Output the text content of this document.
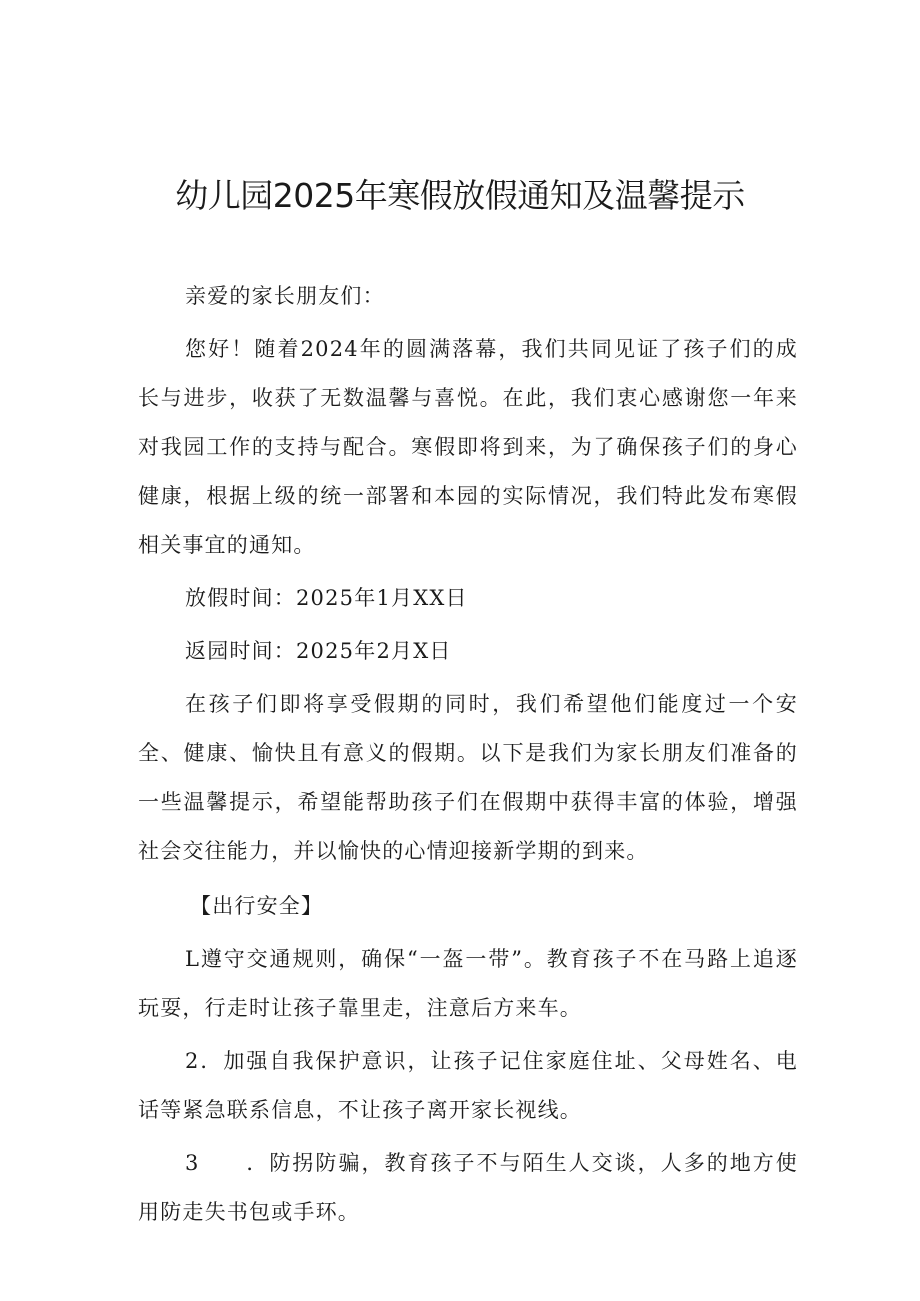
幼儿园2025年寒假放假通知及温馨提示

亲爱的家长朋友们：

您好！随着2024年的圆满落幕，我们共同见证了孩子们的成长与进步，收获了无数温馨与喜悦。在此，我们衷心感谢您一年来对我园工作的支持与配合。寒假即将到来，为了确保孩子们的身心健康，根据上级的统一部署和本园的实际情况，我们特此发布寒假相关事宜的通知。

放假时间：2025年1月XX日

返园时间：2025年2月X日

在孩子们即将享受假期的同时，我们希望他们能度过一个安全、健康、愉快且有意义的假期。以下是我们为家长朋友们准备的一些温馨提示，希望能帮助孩子们在假期中获得丰富的体验，增强社会交往能力，并以愉快的心情迎接新学期的到来。

【出行安全】

L遵守交通规则，确保“一盔一带”。教育孩子不在马路上追逐玩耍，行走时让孩子靠里走，注意后方来车。

2．加强自我保护意识，让孩子记住家庭住址、父母姓名、电话等紧急联系信息，不让孩子离开家长视线。

3 ．防拐防骗，教育孩子不与陌生人交谈，人多的地方使用防走失书包或手环。
